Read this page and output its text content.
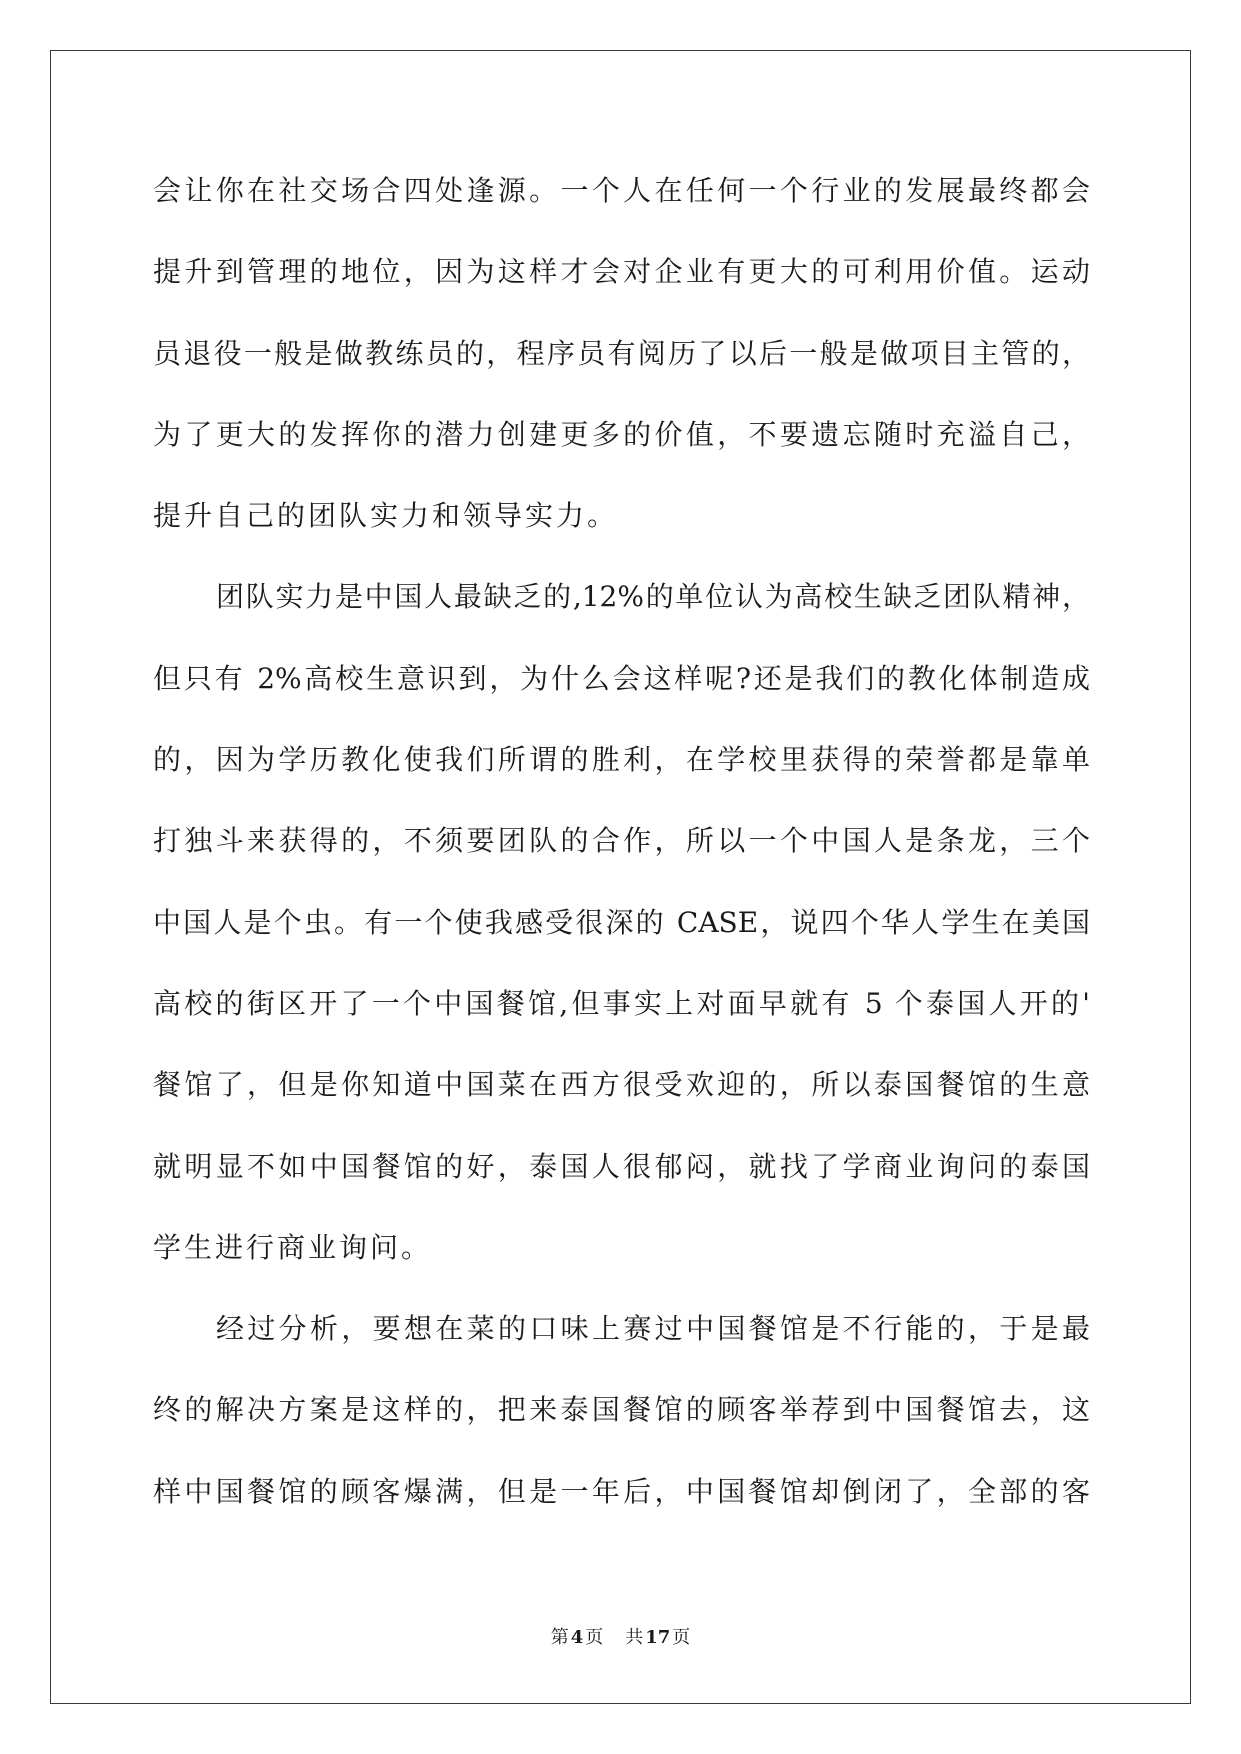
会让你在社交场合四处逢源。一个人在任何一个行业的发展最终都会
提升到管理的地位，因为这样才会对企业有更大的可利用价值。运动
员退役一般是做教练员的，程序员有阅历了以后一般是做项目主管的，
为了更大的发挥你的潜力创建更多的价值，不要遗忘随时充溢自己，
提升自己的团队实力和领导实力。
团队实力是中国人最缺乏的,12%的单位认为高校生缺乏团队精神，
但只有 2%高校生意识到，为什么会这样呢?还是我们的教化体制造成
的，因为学历教化使我们所谓的胜利，在学校里获得的荣誉都是靠单
打独斗来获得的，不须要团队的合作，所以一个中国人是条龙，三个
中国人是个虫。有一个使我感受很深的 CASE，说四个华人学生在美国
高校的街区开了一个中国餐馆,但事实上对面早就有 5 个泰国人开的'
餐馆了，但是你知道中国菜在西方很受欢迎的，所以泰国餐馆的生意
就明显不如中国餐馆的好，泰国人很郁闷，就找了学商业询问的泰国
学生进行商业询问。
经过分析，要想在菜的口味上赛过中国餐馆是不行能的，于是最
终的解决方案是这样的，把来泰国餐馆的顾客举荐到中国餐馆去，这
样中国餐馆的顾客爆满，但是一年后，中国餐馆却倒闭了，全部的客
第 4 页 共 17 页
